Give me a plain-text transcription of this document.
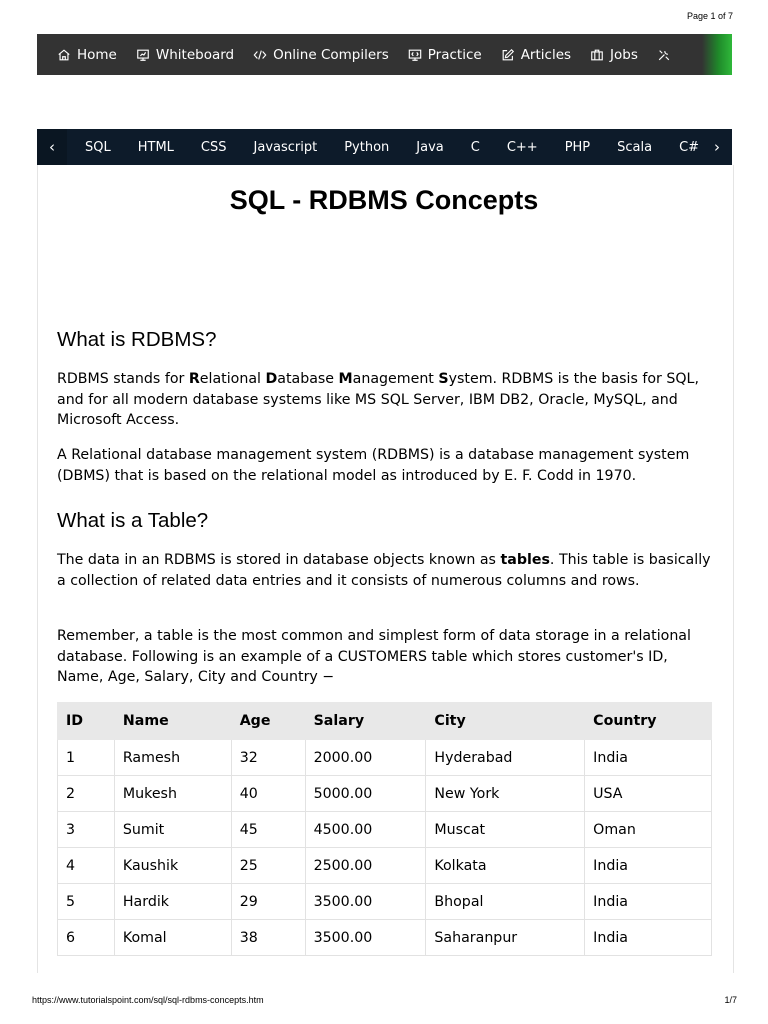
Page 1 of 7
Home	Whiteboard	Online Compilers	Practice	Articles	Jobs
‹	SQL	HTML	CSS	Javascript	Python	Java	C	C++	PHP	Scala	C# ›
SQL - RDBMS Concepts
What is RDBMS?

RDBMS stands for Relational Database Management System. RDBMS is the basis for SQL, and for all modern database systems like MS SQL Server, IBM DB2, Oracle, MySQL, and Microsoft Access.

A Relational database management system (RDBMS) is a database management system (DBMS) that is based on the relational model as introduced by E. F. Codd in 1970.

What is a Table?

The data in an RDBMS is stored in database objects known as tables. This table is basically a collection of related data entries and it consists of numerous columns and rows.

Remember, a table is the most common and simplest form of data storage in a relational database. Following is an example of a CUSTOMERS table which stores customer's ID, Name, Age, Salary, City and Country −

ID	Name	Age	Salary	City	Country
1	Ramesh	32	2000.00	Hyderabad	India
2	Mukesh	40	5000.00	New York	USA
3	Sumit	45	4500.00	Muscat	Oman
4	Kaushik	25	2500.00	Kolkata	India
5	Hardik	29	3500.00	Bhopal	India
6	Komal	38	3500.00	Saharanpur	India
https://www.tutorialspoint.com/sql/sql-rdbms-concepts.htm	1/7
